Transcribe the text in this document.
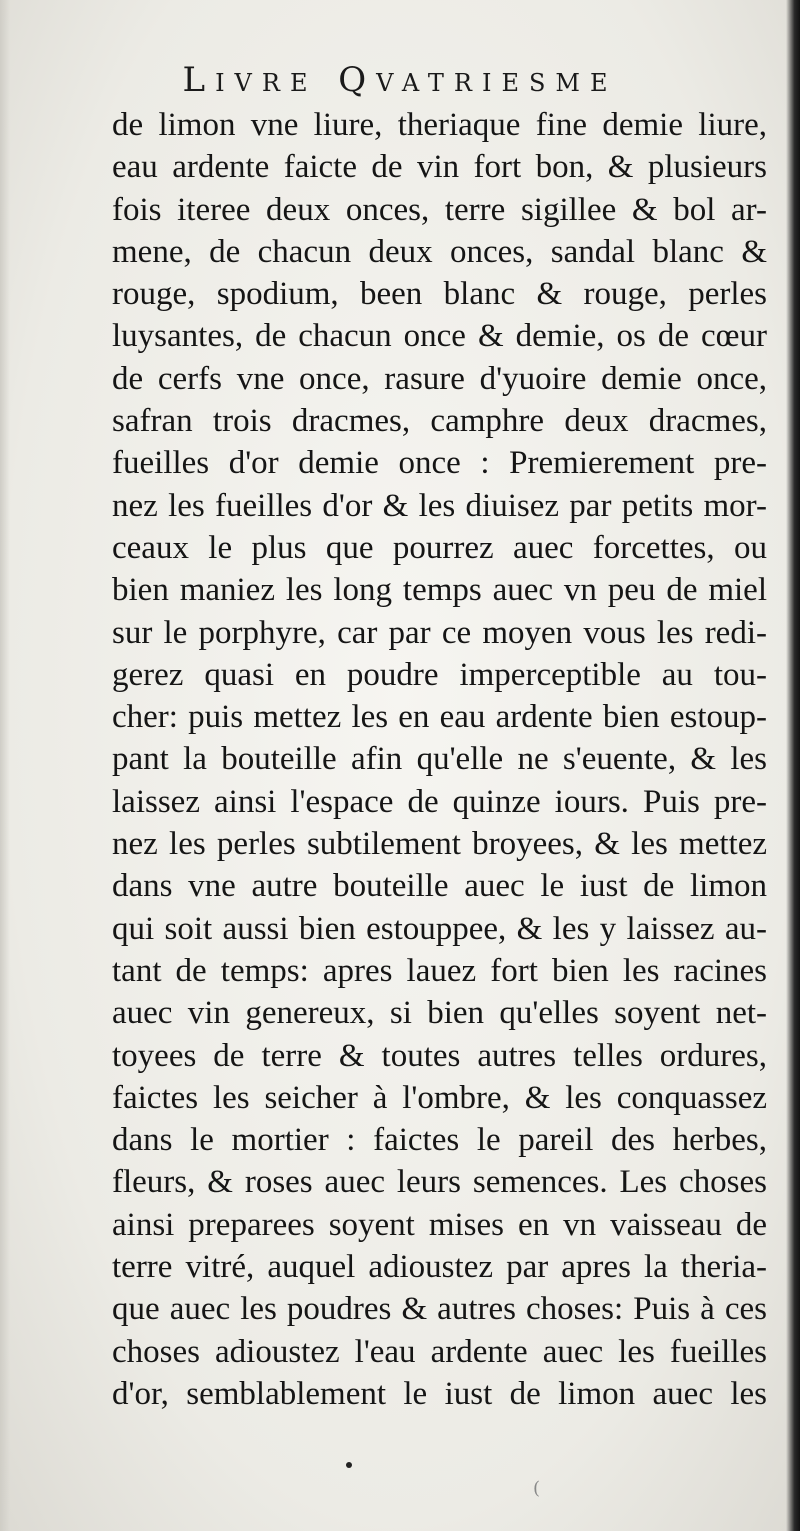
Livre Qvatriesme
de limon vne liure, theriaque fine demie liure,
eau ardente faicte de vin fort bon, & plusieurs
fois iteree deux onces, terre sigillee & bol ar-
mene, de chacun deux onces, sandal blanc &
rouge, spodium, been blanc & rouge, perles
luysantes, de chacun once & demie, os de cœur
de cerfs vne once, rasure d'yuoire demie once,
safran trois dracmes, camphre deux dracmes,
fueilles d'or demie once : Premierement pre-
nez les fueilles d'or & les diuisez par petits mor-
ceaux le plus que pourrez auec forcettes, ou
bien maniez les long temps auec vn peu de miel
sur le porphyre, car par ce moyen vous les redi-
gerez quasi en poudre imperceptible au tou-
cher: puis mettez les en eau ardente bien estoup-
pant la bouteille afin qu'elle ne s'euente, & les
laissez ainsi l'espace de quinze iours. Puis pre-
nez les perles subtilement broyees, & les mettez
dans vne autre bouteille auec le iust de limon
qui soit aussi bien estouppee, & les y laissez au-
tant de temps: apres lauez fort bien les racines
auec vin genereux, si bien qu'elles soyent net-
toyees de terre & toutes autres telles ordures,
faictes les seicher à l'ombre, & les conquassez
dans le mortier : faictes le pareil des herbes,
fleurs, & roses auec leurs semences. Les choses
ainsi preparees soyent mises en vn vaisseau de
terre vitré, auquel adioustez par apres la theria-
que auec les poudres & autres choses: Puis à ces
choses adioustez l'eau ardente auec les fueilles
d'or, semblablement le iust de limon auec les
(
